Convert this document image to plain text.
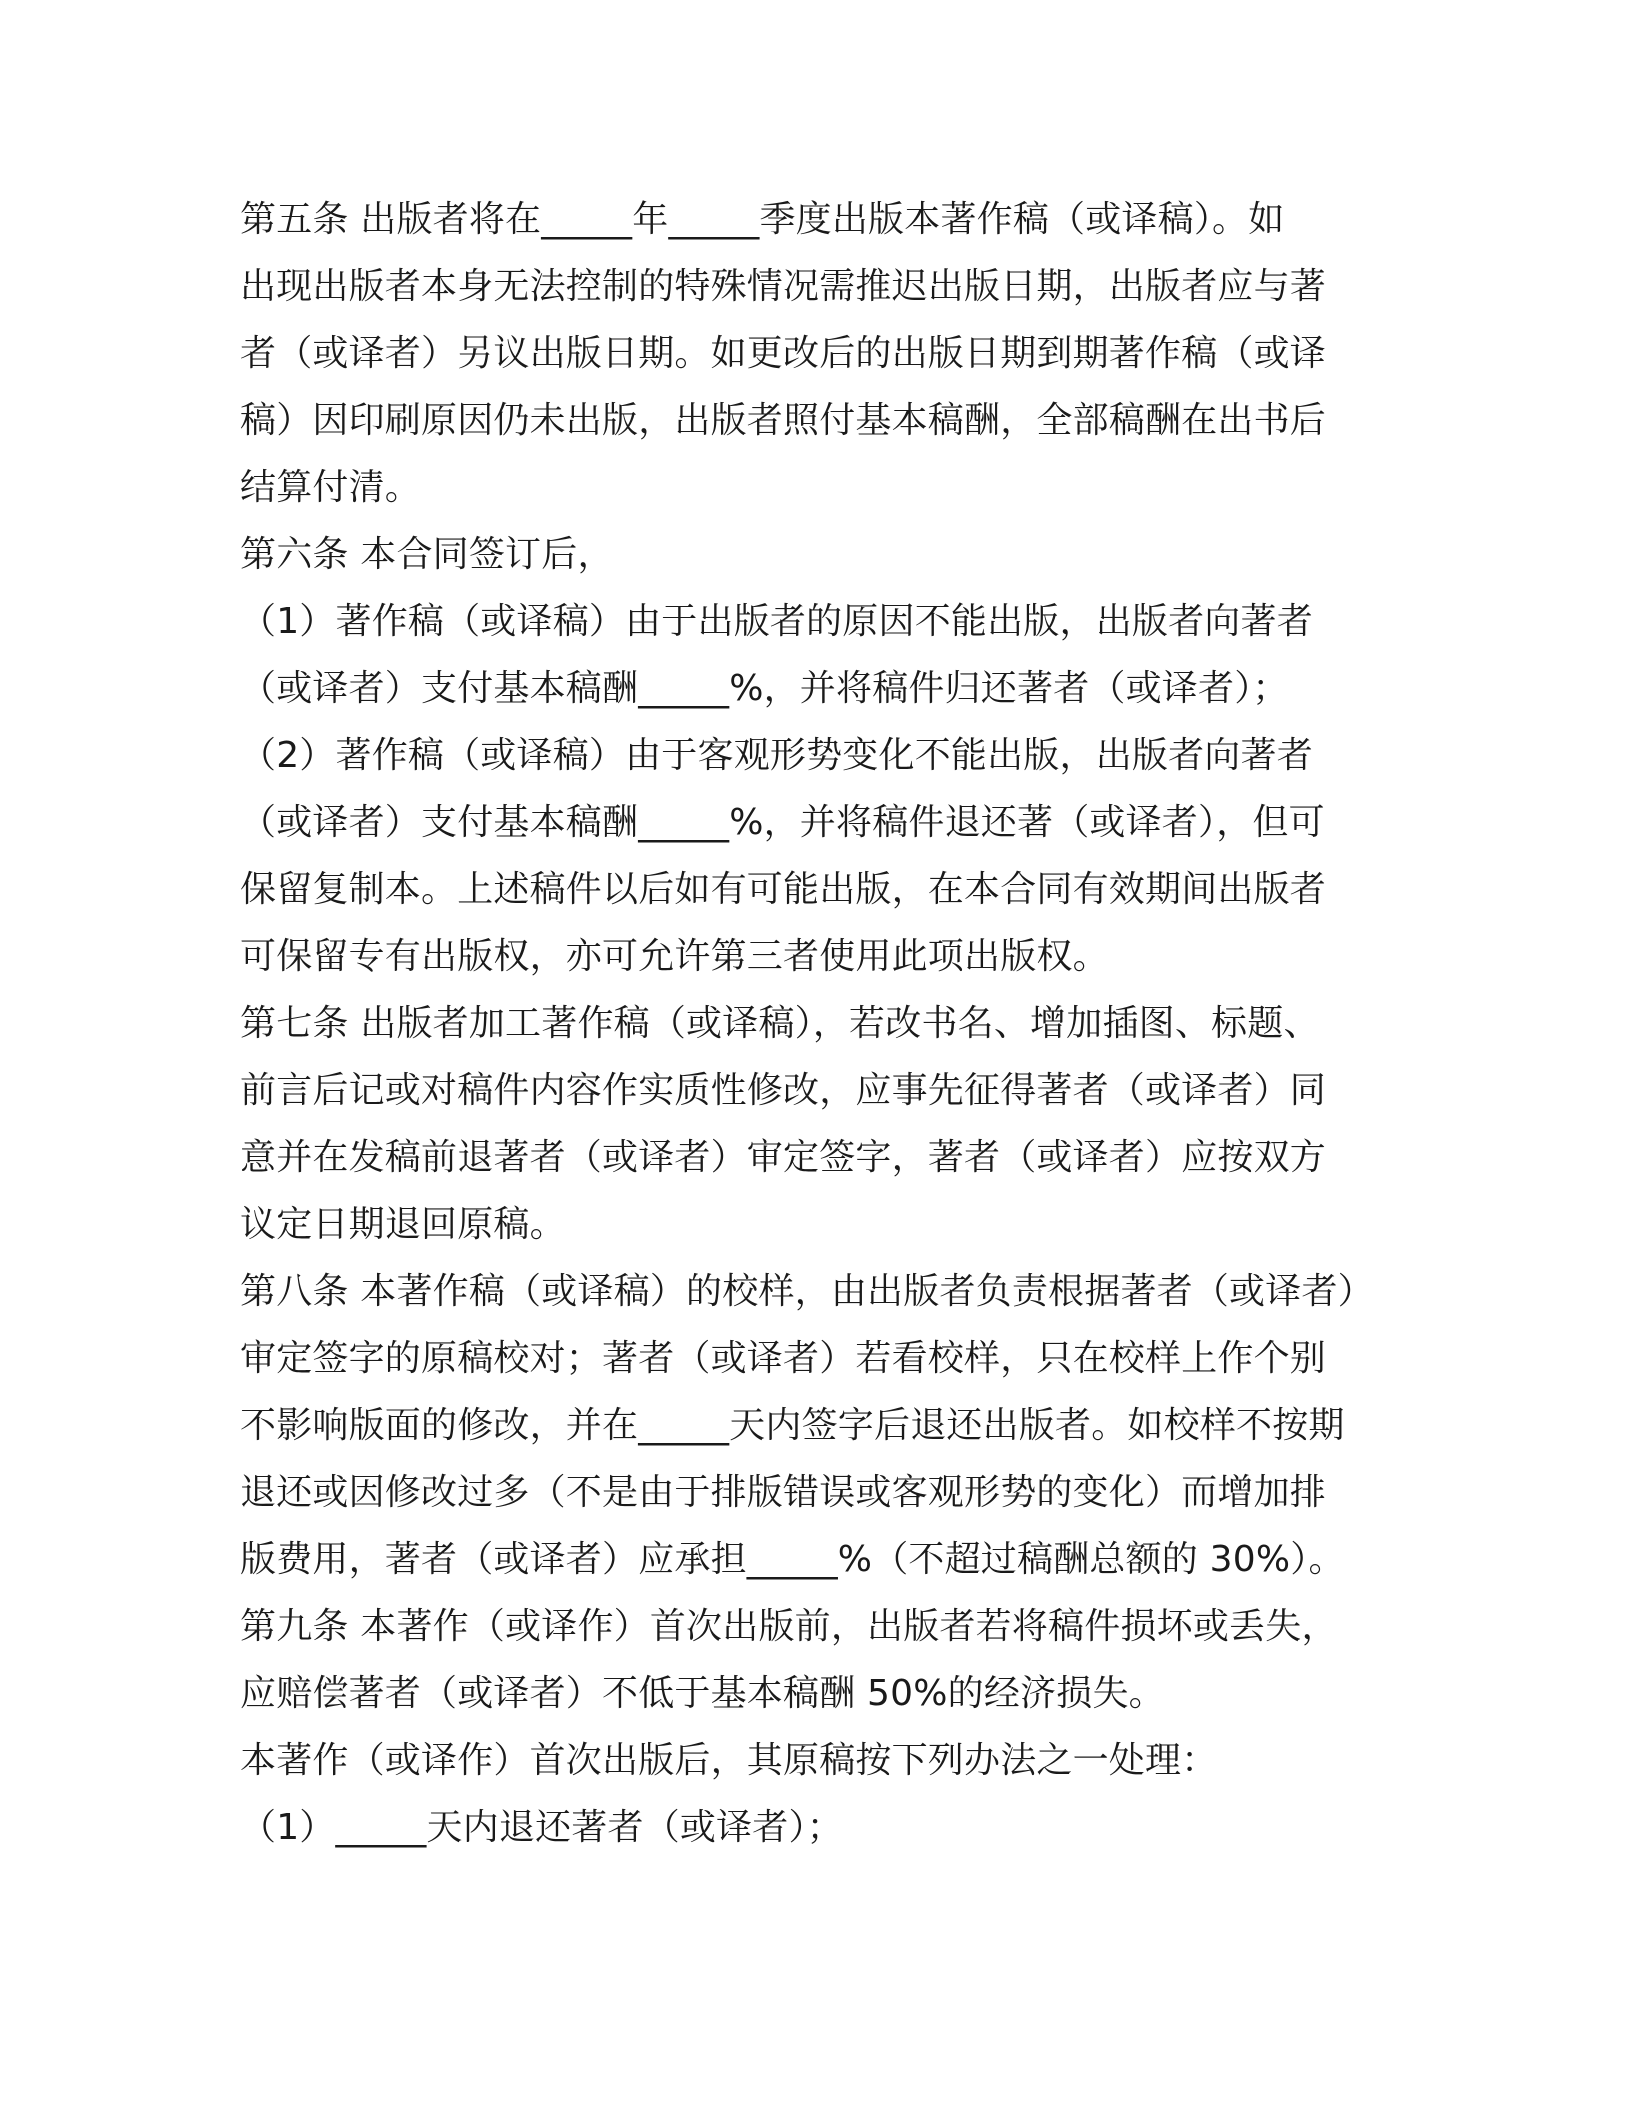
第五条 出版者将在_____年_____季度出版本著作稿（或译稿）。如
出现出版者本身无法控制的特殊情况需推迟出版日期，出版者应与著
者（或译者）另议出版日期。如更改后的出版日期到期著作稿（或译
稿）因印刷原因仍未出版，出版者照付基本稿酬，全部稿酬在出书后
结算付清。
第六条 本合同签订后，
（1）著作稿（或译稿）由于出版者的原因不能出版，出版者向著者
（或译者）支付基本稿酬_____%，并将稿件归还著者（或译者）；
（2）著作稿（或译稿）由于客观形势变化不能出版，出版者向著者
（或译者）支付基本稿酬_____%，并将稿件退还著（或译者），但可
保留复制本。上述稿件以后如有可能出版，在本合同有效期间出版者
可保留专有出版权，亦可允许第三者使用此项出版权。
第七条 出版者加工著作稿（或译稿），若改书名、增加插图、标题、
前言后记或对稿件内容作实质性修改，应事先征得著者（或译者）同
意并在发稿前退著者（或译者）审定签字，著者（或译者）应按双方
议定日期退回原稿。
第八条 本著作稿（或译稿）的校样，由出版者负责根据著者（或译者）
审定签字的原稿校对；著者（或译者）若看校样，只在校样上作个别
不影响版面的修改，并在_____天内签字后退还出版者。如校样不按期
退还或因修改过多（不是由于排版错误或客观形势的变化）而增加排
版费用，著者（或译者）应承担_____%（不超过稿酬总额的 30%）。
第九条 本著作（或译作）首次出版前，出版者若将稿件损坏或丢失，
应赔偿著者（或译者）不低于基本稿酬 50%的经济损失。
本著作（或译作）首次出版后，其原稿按下列办法之一处理：
（1）_____天内退还著者（或译者）；
